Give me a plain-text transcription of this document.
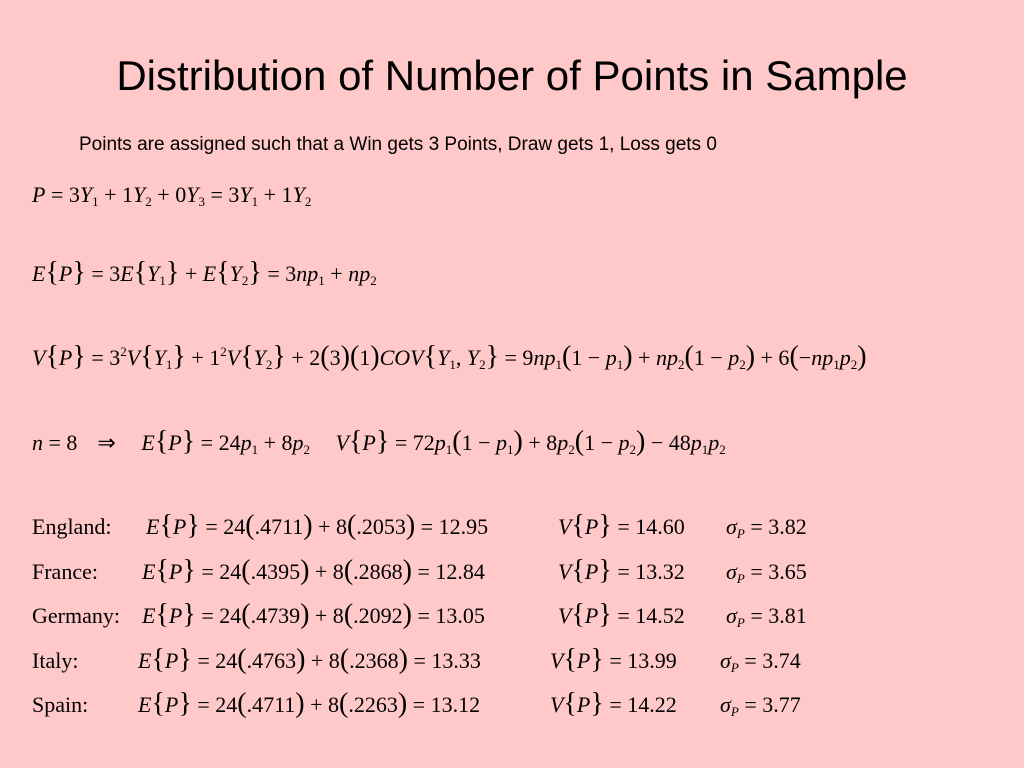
Distribution of Number of Points in Sample
Points are assigned such that a Win gets 3 Points, Draw gets 1, Loss gets 0
$P = 3Y_1 + 1Y_2 + 0Y_3 = 3Y_1 + 1Y_2$
$E\{P\} = 3E\{Y_1\} + E\{Y_2\} = 3np_1 + np_2$
$V\{P\} = 3^2V\{Y_1\} + 1^2V\{Y_2\} + 2(3)(1)COV\{Y_1$, $Y_2\} = 9np_1(1 - p_1) + np_2(1 - p_2) + 6(-np_1p_2)$
n = 8 ⇒ $E\{P\} = 24p_1 + 8p_2$ $V\{P\} = 72p_1(1 - p_1) + 8p_2(1 - p_2) - 48p_1p_2$
England: E{P} = 24(.4711) + 8(.2053) = 12.95	V{P} = 14.60 $\sigma_P = 3.82$
France: E{P} = 24(.4395) + 8(.2868) = 12.84	V{P} = 13.32 $\sigma_P = 3.65$
Germany: E{P} = 24(.4739) + 8(.2092) = 13.05	V{P} = 14.52 $\sigma_P = 3.81$
Italy:	E{P} = 24(.4763) + 8(.2368) = 13.33	V{P} = 13.99 $\sigma_P = 3.74$
Spain: E{P} = 24(.4711) + 8(.2263) = 13.12	V{P} = 14.22 $\sigma_P = 3.77$
